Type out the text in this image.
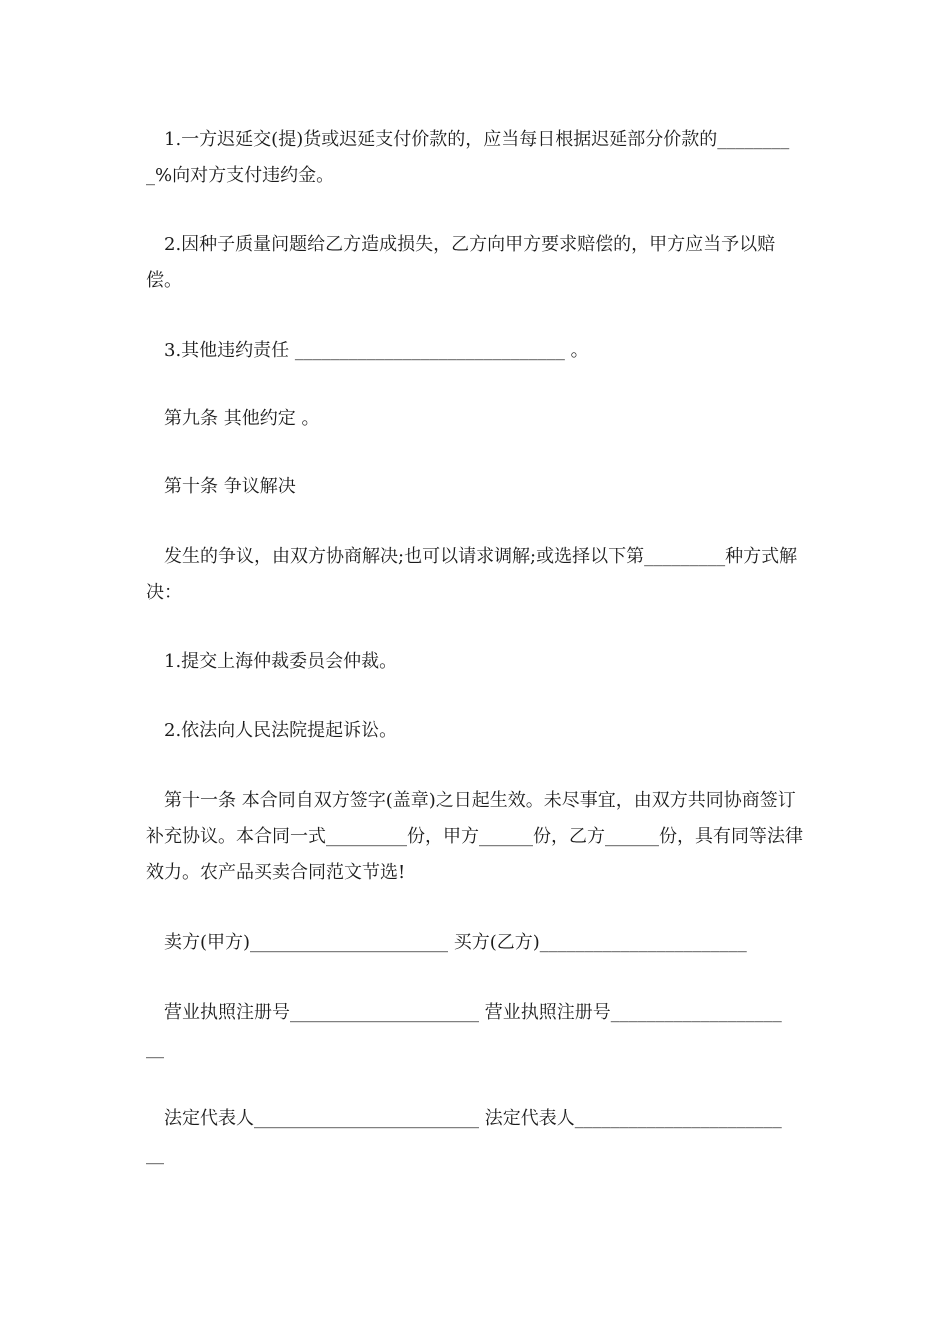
1.一方迟延交(提)货或迟延支付价款的，应当每日根据迟延部分价款的_________%向对方支付违约金。

2.因种子质量问题给乙方造成损失，乙方向甲方要求赔偿的，甲方应当予以赔偿。

3.其他违约责任 ______________________________ 。

第九条 其他约定 。

第十条 争议解决

发生的争议，由双方协商解决;也可以请求调解;或选择以下第_________种方式解决：

1.提交上海仲裁委员会仲裁。

2.依法向人民法院提起诉讼。

第十一条 本合同自双方签字(盖章)之日起生效。未尽事宜，由双方共同协商签订补充协议。本合同一式_________份，甲方______份，乙方______份，具有同等法律效力。农产品买卖合同范文节选!

卖方(甲方)______________________ 买方(乙方)_______________________

营业执照注册号_____________________ 营业执照注册号___________________

__

法定代表人_________________________ 法定代表人_______________________

__
